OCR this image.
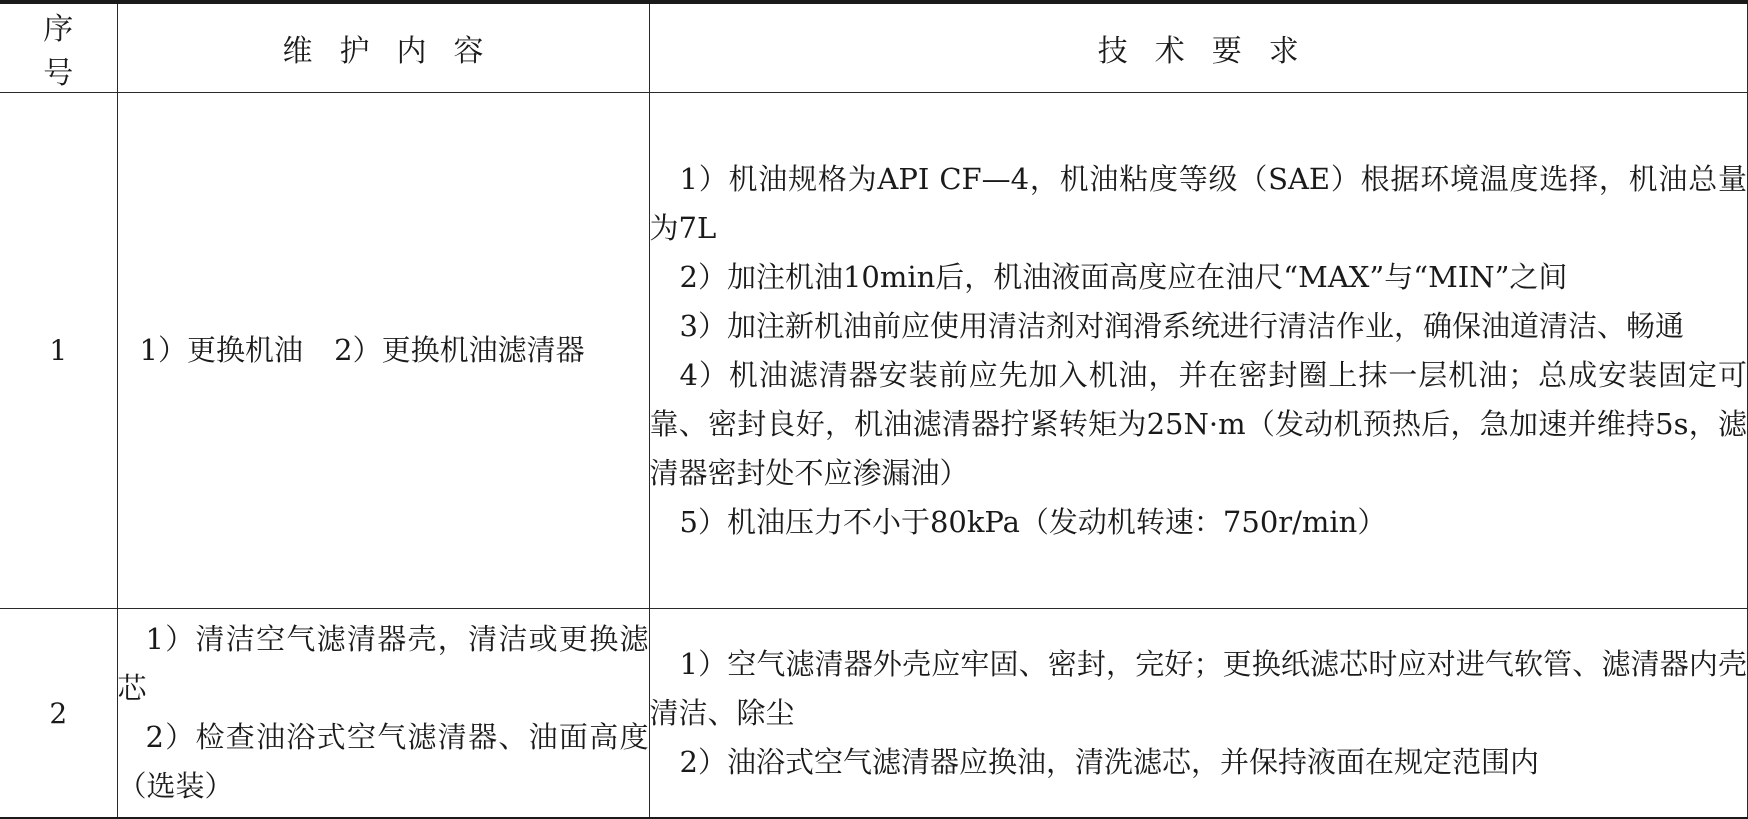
序号	维护内容	技术要求

1	1）更换机油 2）更换机油滤清器	1）机油规格为API CF—4，机油粘度等级（SAE）根据环境温度选择，机油总量为7L
2）加注机油10min后，机油液面高度应在油尺“MAX”与“MIN”之间
3）加注新机油前应使用清洁剂对润滑系统进行清洁作业，确保油道清洁、畅通
4）机油滤清器安装前应先加入机油，并在密封圈上抹一层机油；总成安装固定可靠、密封良好，机油滤清器拧紧转矩为25N·m（发动机预热后，急加速并维持5s，滤清器密封处不应渗漏油）
5）机油压力不小于80kPa（发动机转速：750r/min）

2	1）清洁空气滤清器壳，清洁或更换滤芯
2）检查油浴式空气滤清器、油面高度（选装）	1）空气滤清器外壳应牢固、密封，完好；更换纸滤芯时应对进气软管、滤清器内壳清洁、除尘
2）油浴式空气滤清器应换油，清洗滤芯，并保持液面在规定范围内
